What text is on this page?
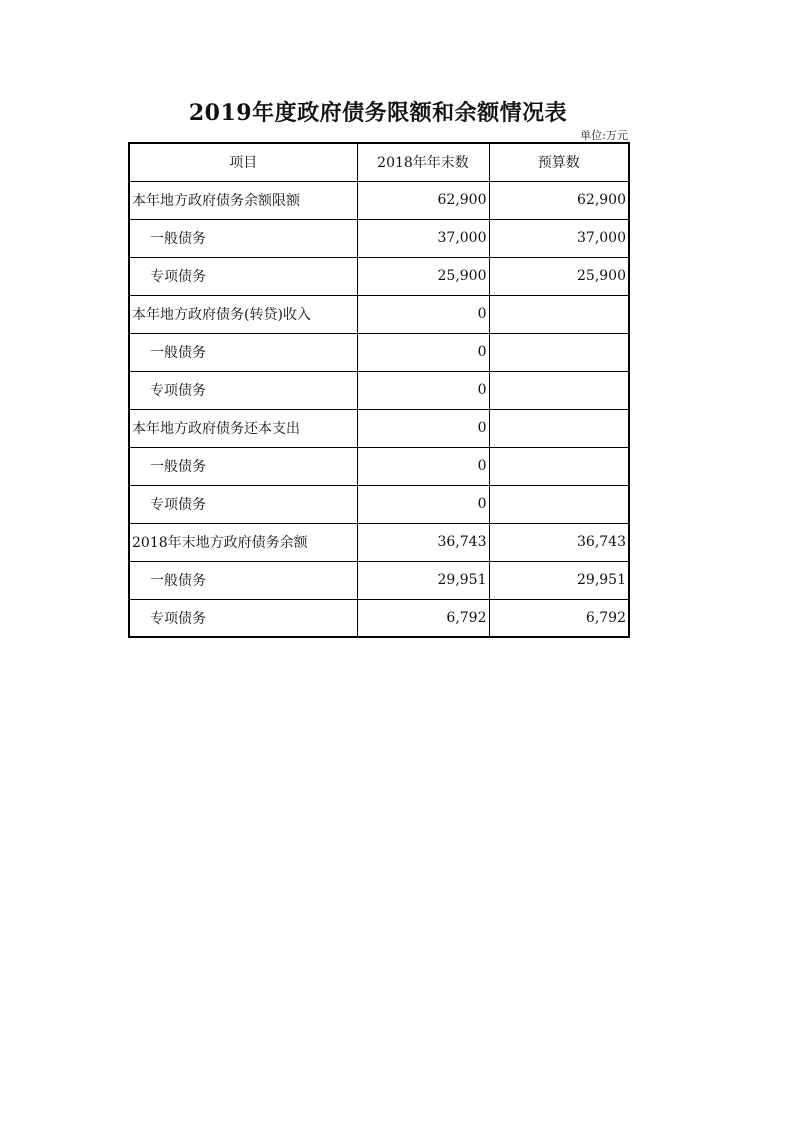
2019年度政府债务限额和余额情况表
单位:万元
项目	2018年年末数	预算数
本年地方政府债务余额限额	62,900	62,900
一般债务	37,000	37,000
专项债务	25,900	25,900
本年地方政府债务(转贷)收入	0	
一般债务	0	
专项债务	0	
本年地方政府债务还本支出	0	
一般债务	0	
专项债务	0	
2018年末地方政府债务余额	36,743	36,743
一般债务	29,951	29,951
专项债务	6,792	6,792
